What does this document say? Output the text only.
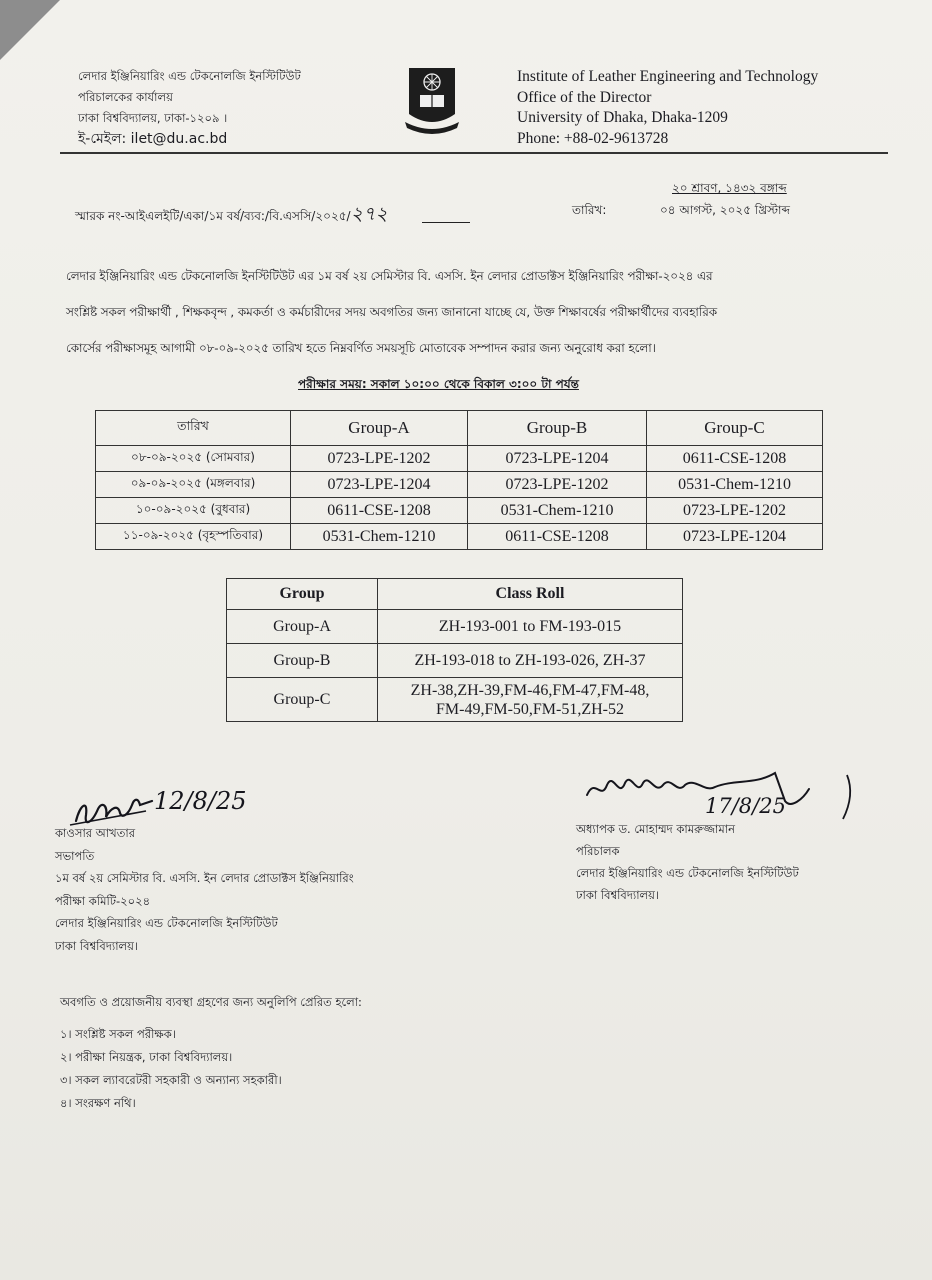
লেদার ইঞ্জিনিয়ারিং এন্ড টেকনোলজি ইনস্টিটিউট
পরিচালকের কার্যালয়
ঢাকা বিশ্ববিদ্যালয়, ঢাকা-১২০৯ ।
ই-মেইল: ilet@du.ac.bd
Institute of Leather Engineering and Technology
Office of the Director
University of Dhaka, Dhaka-1209
Phone: +88-02-9613728
স্মারক নং-আইএলইটি/একা/১ম বর্ষ/ব্যব:/বি.এসসি/২০২৫/২৭২
২০ শ্রাবণ, ১৪৩২ বঙ্গাব্দ
তারিখ:	০৪ আগস্ট, ২০২৫ খ্রিস্টাব্দ
লেদার ইঞ্জিনিয়ারিং এন্ড টেকনোলজি ইনস্টিটিউট এর ১ম বর্ষ ২য় সেমিস্টার বি. এসসি. ইন লেদার প্রোডাক্টস ইঞ্জিনিয়ারিং পরীক্ষা-২০২৪ এর
সংশ্লিষ্ট সকল পরীক্ষার্থী , শিক্ষকবৃন্দ , কমকর্তা ও কর্মচারীদের সদয় অবগতির জন্য জানানো যাচ্ছে যে, উক্ত শিক্ষাবর্ষের পরীক্ষার্থীদের ব্যবহারিক
কোর্সের পরীক্ষাসমূহ আগামী ০৮-০৯-২০২৫ তারিখ হতে নিম্নবর্ণিত সময়সূচি মোতাবেক সম্পাদন করার জন্য অনুরোধ করা হলো।
পরীক্ষার সময়: সকাল ১০:০০ থেকে বিকাল ৩:০০ টা পর্যন্ত
তারিখ	Group-A	Group-B	Group-C
০৮-০৯-২০২৫ (সোমবার)	0723-LPE-1202	0723-LPE-1204	0611-CSE-1208
০৯-০৯-২০২৫ (মঙ্গলবার)	0723-LPE-1204	0723-LPE-1202	0531-Chem-1210
১০-০৯-২০২৫ (বুধবার)	0611-CSE-1208	0531-Chem-1210	0723-LPE-1202
১১-০৯-২০২৫ (বৃহস্পতিবার)	0531-Chem-1210	0611-CSE-1208	0723-LPE-1204
Group	Class Roll
Group-A	ZH-193-001 to FM-193-015
Group-B	ZH-193-018 to ZH-193-026, ZH-37
Group-C	ZH-38,ZH-39,FM-46,FM-47,FM-48,
FM-49,FM-50,FM-51,ZH-52
12/8/25	17/8/25
কাওসার আখতার
সভাপতি
১ম বর্ষ ২য় সেমিস্টার বি. এসসি. ইন লেদার প্রোডাক্টস ইঞ্জিনিয়ারিং
পরীক্ষা কমিটি-২০২৪
লেদার ইঞ্জিনিয়ারিং এন্ড টেকনোলজি ইনস্টিটিউট
ঢাকা বিশ্ববিদ্যালয়।
অধ্যাপক ড. মোহাম্মদ কামরুজ্জামান
পরিচালক
লেদার ইঞ্জিনিয়ারিং এন্ড টেকনোলজি ইনস্টিটিউট
ঢাকা বিশ্ববিদ্যালয়।
অবগতি ও প্রয়োজনীয় ব্যবস্থা গ্রহণের জন্য অনুলিপি প্রেরিত হলো:
১। সংশ্লিষ্ট সকল পরীক্ষক।
২। পরীক্ষা নিয়ন্ত্রক, ঢাকা বিশ্ববিদ্যালয়।
৩। সকল ল্যাবরেটরী সহকারী ও অন্যান্য সহকারী।
৪। সংরক্ষণ নথি।
